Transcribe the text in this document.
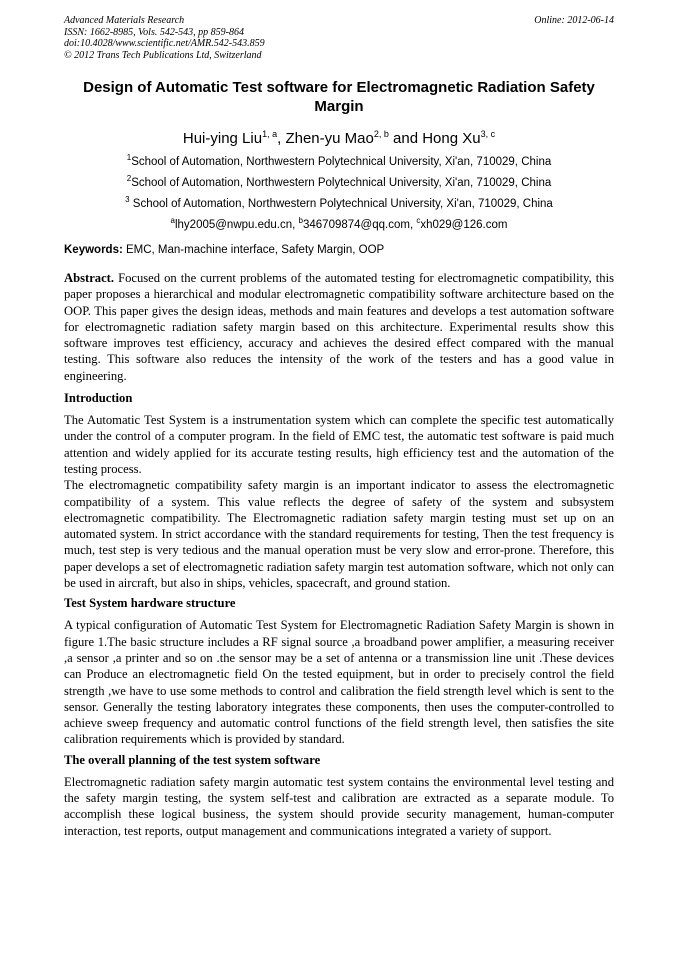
Advanced Materials Research
ISSN: 1662-8985, Vols. 542-543, pp 859-864
doi:10.4028/www.scientific.net/AMR.542-543.859
© 2012 Trans Tech Publications Ltd, Switzerland
Online: 2012-06-14
Design of Automatic Test software for Electromagnetic Radiation Safety Margin
Hui-ying Liu$^{1, a}$, Zhen-yu Mao$^{2, b}$ and Hong Xu$^{3, c}$
$^1$School of Automation, Northwestern Polytechnical University, Xi'an, 710029, China
$^2$School of Automation, Northwestern Polytechnical University, Xi'an, 710029, China
$^3$ School of Automation, Northwestern Polytechnical University, Xi'an, 710029, China
$^a$lhy2005@nwpu.edu.cn, $^b$346709874@qq.com, $^c$xh029@126.com
Keywords: EMC, Man-machine interface, Safety Margin, OOP

Abstract. Focused on the current problems of the automated testing for electromagnetic compatibility, this paper proposes a hierarchical and modular electromagnetic compatibility software architecture based on the OOP. This paper gives the design ideas, methods and main features and develops a test automation software for electromagnetic radiation safety margin based on this architecture. Experimental results show this software improves test efficiency, accuracy and achieves the desired effect compared with the manual testing. This software also reduces the intensity of the work of the testers and has a good value in engineering.

Introduction

The Automatic Test System is a instrumentation system which can complete the specific test automatically under the control of a computer program. In the field of EMC test, the automatic test software is paid much attention and widely applied for its accurate testing results, high efficiency test and the automation of the testing process.

The electromagnetic compatibility safety margin is an important indicator to assess the electromagnetic compatibility of a system. This value reflects the degree of safety of the system and subsystem electromagnetic compatibility. The Electromagnetic radiation safety margin testing must set up on an automated system. In strict accordance with the standard requirements for testing, Then the test frequency is much, test step is very tedious and the manual operation must be very slow and error-prone. Therefore, this paper develops a set of electromagnetic radiation safety margin test automation software, which not only can be used in aircraft, but also in ships, vehicles, spacecraft, and ground station.

Test System hardware structure

A typical configuration of Automatic Test System for Electromagnetic Radiation Safety Margin is shown in figure 1.The basic structure includes a RF signal source ,a broadband power amplifier, a measuring receiver ,a sensor ,a printer and so on .the sensor may be a set of antenna or a transmission line unit .These devices can Produce an electromagnetic field On the tested equipment, but in order to precisely control the field strength ,we have to use some methods to control and calibration the field strength level which is sent to the sensor. Generally the testing laboratory integrates these components, then uses the computer-controlled to achieve sweep frequency and automatic control functions of the field strength level, then satisfies the site calibration requirements which is provided by standard.

The overall planning of the test system software

Electromagnetic radiation safety margin automatic test system contains the environmental level testing and the safety margin testing, the system self-test and calibration are extracted as a separate module. To accomplish these logical business, the system should provide security management, human-computer interaction, test reports, output management and communications integrated a variety of support.
